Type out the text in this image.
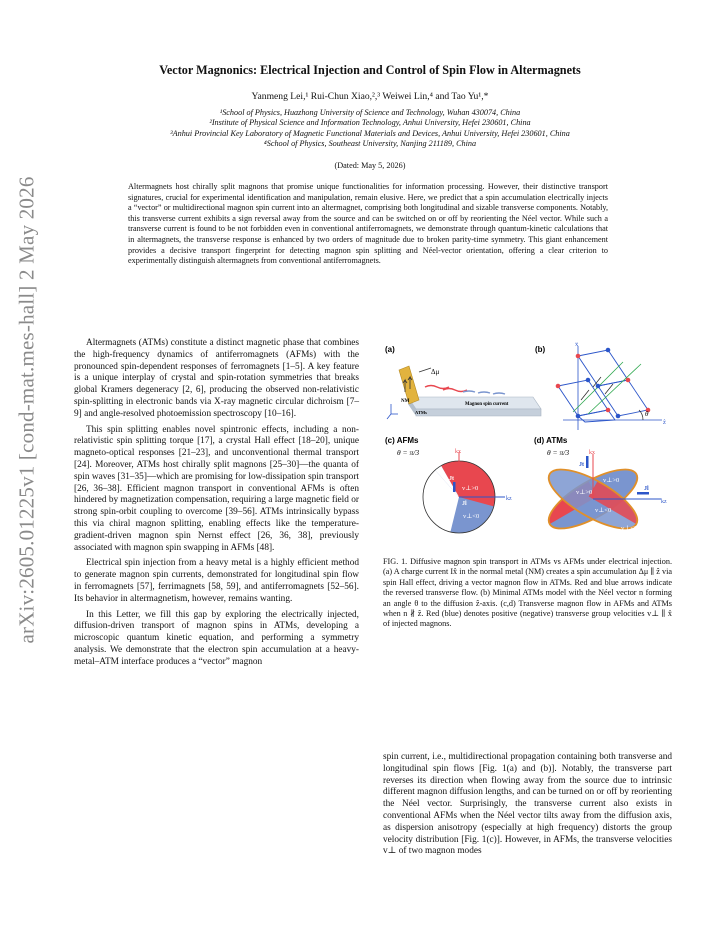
arXiv:2605.01225v1 [cond-mat.mes-hall] 2 May 2026
Vector Magnonics: Electrical Injection and Control of Spin Flow in Altermagnets
Yanmeng Lei,¹ Rui-Chun Xiao,²,³ Weiwei Lin,⁴ and Tao Yu¹,*
¹School of Physics, Huazhong University of Science and Technology, Wuhan 430074, China
²Institute of Physical Science and Information Technology, Anhui University, Hefei 230601, China
³Anhui Provincial Key Laboratory of Magnetic Functional Materials and Devices, Anhui University, Hefei 230601, China
⁴School of Physics, Southeast University, Nanjing 211189, China
(Dated: May 5, 2026)
Altermagnets host chirally split magnons that promise unique functionalities for information processing. However, their distinctive transport signatures, crucial for experimental identification and manipulation, remain elusive. Here, we predict that a spin accumulation electrically injects a “vector” or multidirectional magnon spin current into an altermagnet, comprising both longitudinal and sizable transverse components. Notably, this transverse current exhibits a sign reversal away from the source and can be switched on or off by reorienting the Néel vector. While such a transverse current is found to be not forbidden even in conventional antiferromagnets, we demonstrate through quantum-kinetic calculations that in altermagnets, the transverse response is enhanced by two orders of magnitude due to broken parity-time symmetry. This giant enhancement provides a decisive transport fingerprint for detecting magnon spin splitting and Néel-vector orientation, offering a clear criterion to experimentally distinguish altermagnets from conventional antiferromagnets.

Altermagnets (ATMs) constitute a distinct magnetic phase that combines the high-frequency dynamics of antiferromagnets (AFMs) with the pronounced spin-dependent responses of ferromagnets [1–5]. A key feature is a unique interplay of crystal and spin-rotation symmetries that breaks global Kramers degeneracy [2, 6], producing the observed non-relativistic spin-splitting in electronic bands via X-ray magnetic circular dichroism [7–9] and angle-resolved photoemission spectroscopy [10–16].

This spin splitting enables novel spintronic effects, including a non-relativistic spin splitting torque [17], a crystal Hall effect [18–20], unique magneto-optical responses [21–23], and unconventional thermal transport [24]. Moreover, ATMs host chirally split magnons [25–30]—the quanta of spin waves [31–35]—which are promising for low-dissipation spin transport [26, 36–38]. Efficient magnon transport in conventional AFMs is often hindered by magnetization compensation, requiring a large magnetic field or strong spin-orbit coupling to overcome [39–56]. ATMs intrinsically bypass this via chiral magnon splitting, enabling effects like the temperature-gradient-driven magnon spin Nernst effect [26, 36, 38], previously associated with magnon spin swapping in AFMs [48].

Electrical spin injection from a heavy metal is a highly efficient method to generate magnon spin currents, demonstrated for longitudinal spin flow in ferromagnets [57], ferrimagnets [58, 59], and antiferromagnets [52–56]. Its behavior in altermagnetism, however, remains wanting.

In this Letter, we fill this gap by exploring the electrically injected, diffusion-driven transport of magnon spins in ATMs, developing a microscopic quantum kinetic equation, and performing a symmetry analysis. We demonstrate that the electron spin accumulation at a heavy-metal–ATM interface produces a “vector” magnon

(a)
Δμ
NM
ATMs
Magnon spin current
(b)
x̂
ẑ
θ
(c) AFMs
θ = π/3	kx
kz
Jt
v⊥>0
Jl
v⊥<0
(d) ATMs
θ = π/3	kx
kz
Jt
Jl
v⊥>0
v⊥>0
v⊥<0
v⊥<0
FIG. 1. Diffusive magnon spin transport in ATMs vs AFMs under electrical injection. (a) A charge current Ix̂ in the normal metal (NM) creates a spin accumulation Δμ ∥ ẑ via spin Hall effect, driving a vector magnon flow in ATMs. Red and blue arrows indicate the reversed transverse flow. (b) Minimal ATMs model with the Néel vector n forming an angle θ to the diffusion ẑ-axis. (c,d) Transverse magnon flow in AFMs and ATMs when n ∦ ẑ. Red (blue) denotes positive (negative) transverse group velocities v⊥ ∥ x̂ of injected magnons.

spin current, i.e., multidirectional propagation containing both transverse and longitudinal spin flows [Fig. 1(a) and (b)]. Notably, the transverse part reverses its direction when flowing away from the source due to intrinsic different magnon diffusion lengths, and can be turned on or off by reorienting the Néel vector. Surprisingly, the transverse current also exists in conventional AFMs when the Néel vector tilts away from the diffusion axis, as dispersion anisotropy (especially at high frequency) distorts the group velocity distribution [Fig. 1(c)]. However, in AFMs, the transverse velocities v⊥ of two magnon modes
